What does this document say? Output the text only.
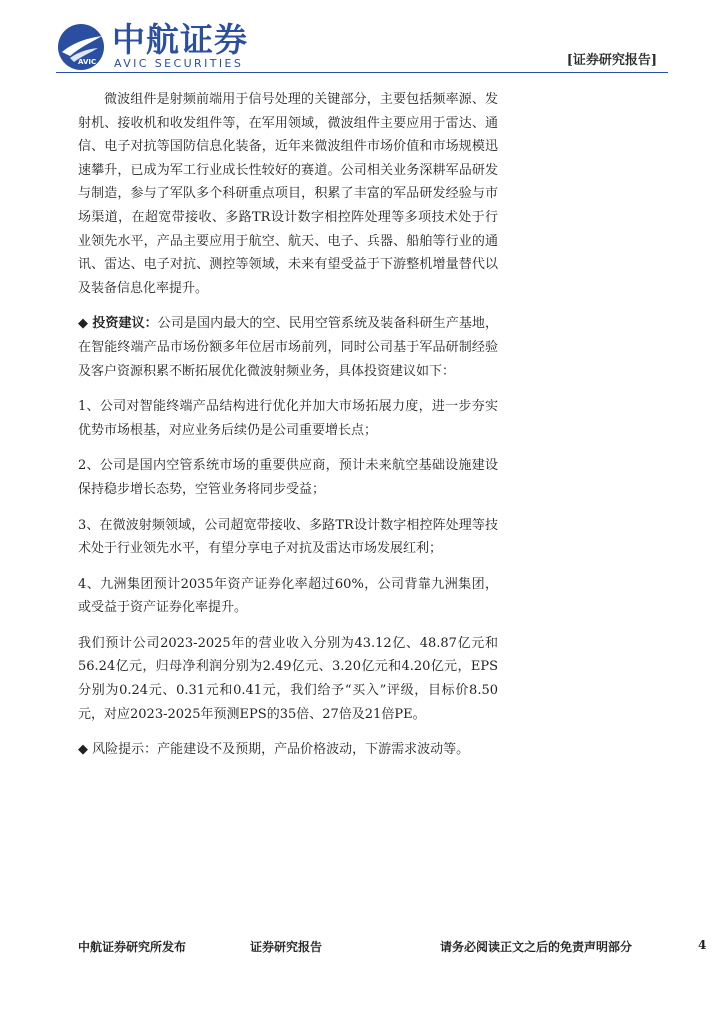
AVIC
中航证券
AVIC SECURITIES	[证券研究报告]

微波组件是射频前端用于信号处理的关键部分，主要包括频率源、发射机、接收机和收发组件等，在军用领域，微波组件主要应用于雷达、通信、电子对抗等国防信息化装备，近年来微波组件市场价值和市场规模迅速攀升，已成为军工行业成长性较好的赛道。公司相关业务深耕军品研发与制造，参与了军队多个科研重点项目，积累了丰富的军品研发经验与市场渠道，在超宽带接收、多路TR设计数字相控阵处理等多项技术处于行业领先水平，产品主要应用于航空、航天、电子、兵器、船舶等行业的通讯、雷达、电子对抗、测控等领域，未来有望受益于下游整机增量替代以及装备信息化率提升。

◆ 投资建议：公司是国内最大的空、民用空管系统及装备科研生产基地，在智能终端产品市场份额多年位居市场前列，同时公司基于军品研制经验及客户资源积累不断拓展优化微波射频业务，具体投资建议如下：

1、公司对智能终端产品结构进行优化并加大市场拓展力度，进一步夯实优势市场根基，对应业务后续仍是公司重要增长点；

2、公司是国内空管系统市场的重要供应商，预计未来航空基础设施建设保持稳步增长态势，空管业务将同步受益；

3、在微波射频领域，公司超宽带接收、多路TR设计数字相控阵处理等技术处于行业领先水平，有望分享电子对抗及雷达市场发展红利；

4、九洲集团预计2035年资产证券化率超过60%，公司背靠九洲集团，或受益于资产证券化率提升。

我们预计公司2023-2025年的营业收入分别为43.12亿、48.87亿元和56.24亿元，归母净利润分别为2.49亿元、3.20亿元和4.20亿元，EPS分别为0.24元、0.31元和0.41元，我们给予“买入”评级，目标价8.50元，对应2023-2025年预测EPS的35倍、27倍及21倍PE。

◆ 风险提示：产能建设不及预期，产品价格波动，下游需求波动等。

中航证券研究所发布	证券研究报告	请务必阅读正文之后的免责声明部分	4
